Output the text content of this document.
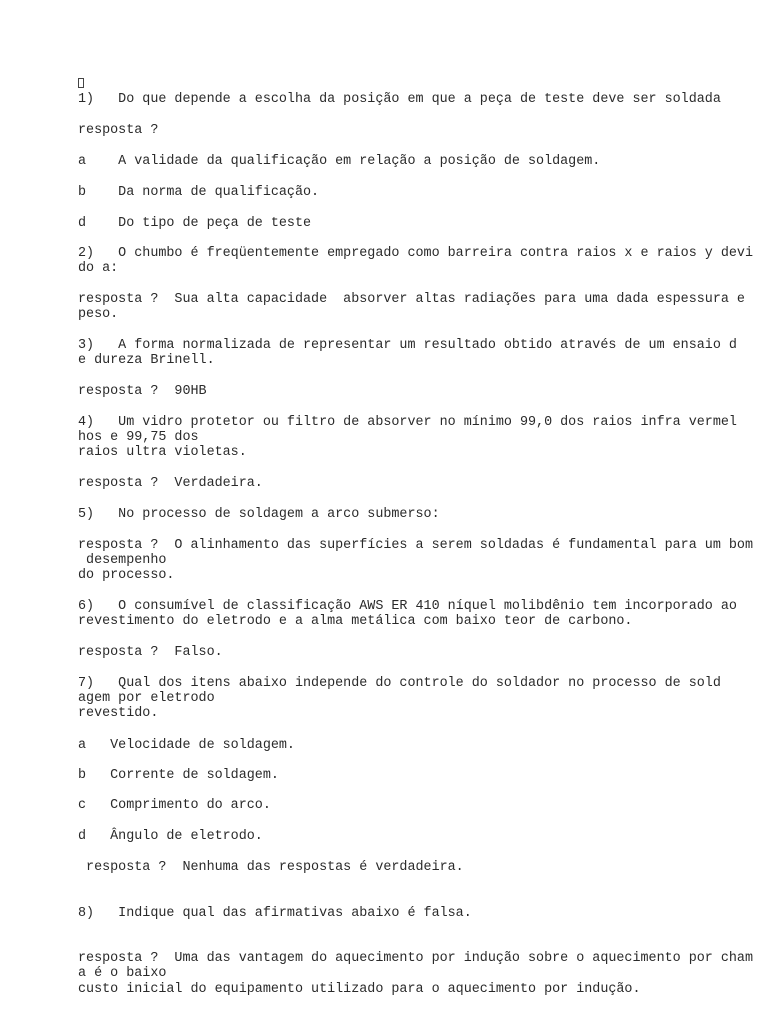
1)   Do que depende a escolha da posição em que a peça de teste deve ser soldada

resposta ?

a    A validade da qualificação em relação a posição de soldagem.

b    Da norma de qualificação.

d    Do tipo de peça de teste

2)   O chumbo é freqüentemente empregado como barreira contra raios x e raios y devi

do a:

resposta ?  Sua alta capacidade  absorver altas radiações para uma dada espessura e

peso.

3)   A forma normalizada de representar um resultado obtido através de um ensaio d

e dureza Brinell.

resposta ?  90HB

4)   Um vidro protetor ou filtro de absorver no mínimo 99,0 dos raios infra vermel

hos e 99,75 dos

raios ultra violetas.

resposta ?  Verdadeira.

5)   No processo de soldagem a arco submerso:

resposta ?  O alinhamento das superfícies a serem soldadas é fundamental para um bom

desempenho

do processo.

6)   O consumível de classificação AWS ER 410 níquel molibdênio tem incorporado ao

revestimento do eletrodo e a alma metálica com baixo teor de carbono.

resposta ?  Falso.

7)   Qual dos itens abaixo independe do controle do soldador no processo de sold

agem por eletrodo

revestido.

a   Velocidade de soldagem.

b   Corrente de soldagem.

c   Comprimento do arco.

d   Ângulo de eletrodo.

resposta ?  Nenhuma das respostas é verdadeira.

8)   Indique qual das afirmativas abaixo é falsa.

resposta ?  Uma das vantagem do aquecimento por indução sobre o aquecimento por cham

a é o baixo

custo inicial do equipamento utilizado para o aquecimento por indução.
